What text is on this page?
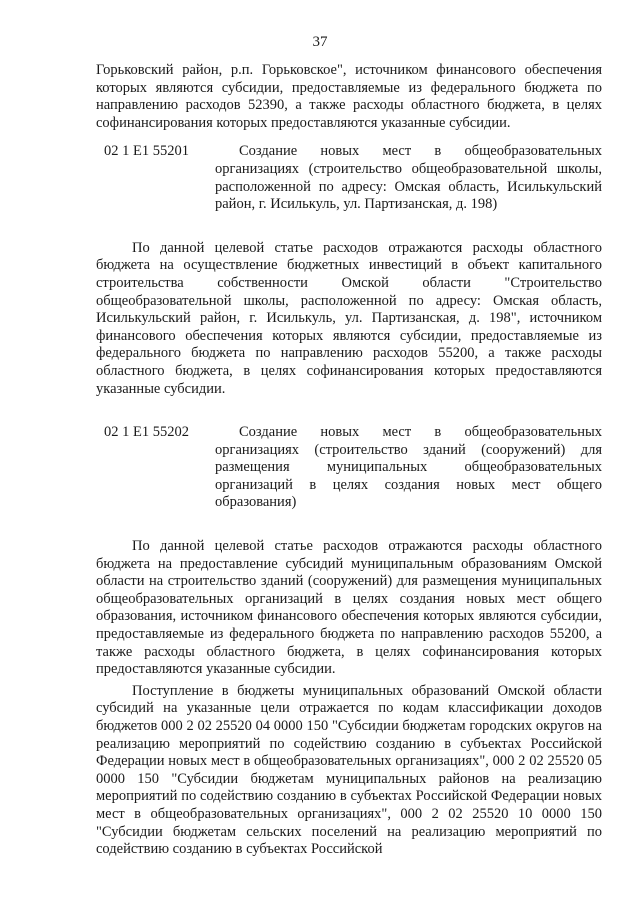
37

Горьковский район, р.п. Горьковское", источником финансового обеспечения которых являются субсидии, предоставляемые из федерального бюджета по направлению расходов 52390, а также расходы областного бюджета, в целях софинансирования которых предоставляются указанные субсидии.

02 1 E1 55201	Создание новых мест в общеобразовательных организациях (строительство общеобразовательной школы, расположенной по адресу: Омская область, Исилькульский район, г. Исилькуль, ул. Партизанская, д. 198)

По данной целевой статье расходов отражаются расходы областного бюджета на осуществление бюджетных инвестиций в объект капитального строительства собственности Омской области "Строительство общеобразовательной школы, расположенной по адресу: Омская область, Исилькульский район, г. Исилькуль, ул. Партизанская, д. 198", источником финансового обеспечения которых являются субсидии, предоставляемые из федерального бюджета по направлению расходов 55200, а также расходы областного бюджета, в целях софинансирования которых предоставляются указанные субсидии.

02 1 E1 55202	Создание новых мест в общеобразовательных организациях (строительство зданий (сооружений) для размещения муниципальных общеобразовательных организаций в целях создания новых мест общего образования)

По данной целевой статье расходов отражаются расходы областного бюджета на предоставление субсидий муниципальным образованиям Омской области на строительство зданий (сооружений) для размещения муниципальных общеобразовательных организаций в целях создания новых мест общего образования, источником финансового обеспечения которых являются субсидии, предоставляемые из федерального бюджета по направлению расходов 55200, а также расходы областного бюджета, в целях софинансирования которых предоставляются указанные субсидии.

Поступление в бюджеты муниципальных образований Омской области субсидий на указанные цели отражается по кодам классификации доходов бюджетов 000 2 02 25520 04 0000 150 "Субсидии бюджетам городских округов на реализацию мероприятий по содействию созданию в субъектах Российской Федерации новых мест в общеобразовательных организациях", 000 2 02 25520 05 0000 150 "Субсидии бюджетам муниципальных районов на реализацию мероприятий по содействию созданию в субъектах Российской Федерации новых мест в общеобразовательных организациях", 000 2 02 25520 10 0000 150 "Субсидии бюджетам сельских поселений на реализацию мероприятий по содействию созданию в субъектах Российской
